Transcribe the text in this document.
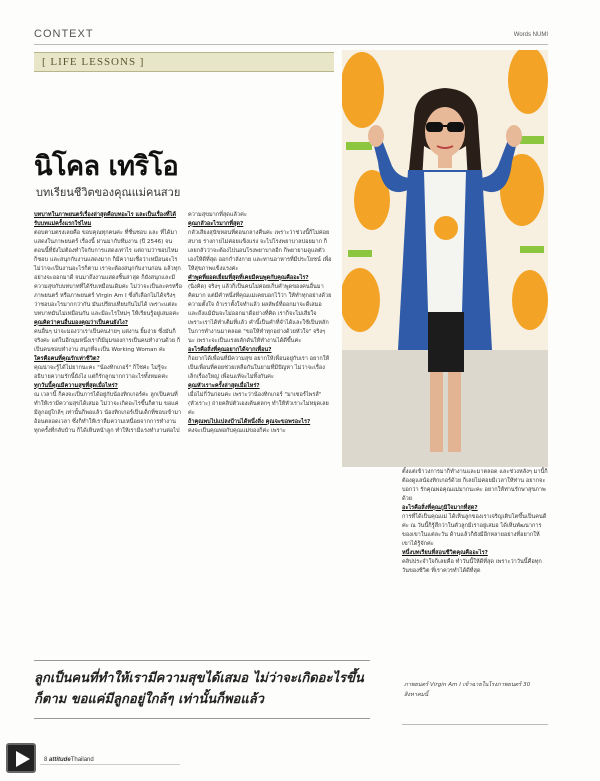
CONTEXT	Words NUMI
[ LIFE LESSONS ]
นิโคล เทริโอ
บทเรียนชีวิตของคุณแม่คนสวย

บทบาทในภาพยนตร์เรื่องล่าสุดคือบทอะไร และเป็นเรื่องที่ได้รับบทแม่ครั้งแรกใช่ไหม

ตอบตามตรงเลยคือ ขอบคุณทุกคนค่ะ ที่ชื่นชอบ และ ที่ได้มาแสดงในภาพยนตร์ เรื่องนี้ ผ่านมากับทีมงาน (ปี 2546) จนตอนนี้ที่ยังไม่ต้องทำใจกับการแสดงเท่าไร แต่ถามว่าชอบไหม ก็ชอบ และสนุกกับงานแสดงมาก ก็มีความเชื่อว่าเหมือนอะไร ไม่ว่าจะเป็นงานอะไรก็ตาม เราจะต้องสนุกกับงานก่อน แล้วทุกอย่างจะออกมาดี จนมาถึงงานแสดงชิ้นล่าสุด ก็ยังสนุกและมีความสุขกับบทบาทที่ได้รับเหมือนเดิมค่ะ ไม่ว่าจะเป็นละครหรือภาพยนตร์ หรือภาพยนตร์ Virgin Am I ซึ่งก็เลือกไม่ได้จริงๆ ว่าชอบอะไรมากกว่ากัน มันเปรียบเทียบกันไม่ได้ เพราะแต่ละบทบาทมันไม่เหมือนกัน และมีอะไรใหม่ๆ ให้เรียนรู้อยู่เสมอค่ะ

คุณคิดว่าคนอื่นมองคุณว่าเป็นคนยังไง?

คนอื่นๆ น่าจะมองว่าเราเป็นคนง่ายๆ แต่งาน ยิ้มง่าย ซึ่งมันก็จริงค่ะ แต่ในอีกมุมหนึ่งเราก็มีมุมของการเป็นคนทำงานด้วย ก็เป็นคนชอบทำงาน สนุกที่จะเป็น Working Woman ค่ะ

ใครคือคนที่คุณรักเท่าชีวิต?

คุณน่าจะรู้ได้ไม่ยากนะคะ "น้องทิกเกอร์" ก็ใช่ค่ะ ไม่รู้จะอธิบายความรักนี้ยังไง แต่ก็รักลูกมากกว่าอะไรทั้งหมดค่ะ

ทุกวันนี้คุณมีความสุขที่สุดเมื่อไหร่?

ณ เวลานี้ ก็คงจะเป็นการได้อยู่กับน้องทิกเกอร์ค่ะ ลูกเป็นคนที่ทำให้เรามีความสุขได้เสมอ ไม่ว่าจะเกิดอะไรขึ้นก็ตาม ขอแค่มีลูกอยู่ใกล้ๆ เท่านั้นก็พอแล้ว น้องทิกเกอร์เป็นเด็กที่ชอบเข้ามาอ้อนตลอดเวลา ซึ่งก็ทำให้เราลืมความเหนื่อยจากการทำงาน ทุกครั้งที่กลับบ้าน ก็ได้เห็นหน้าลูก ทำให้เรามีแรงทำงานต่อไป

ความสุขมากที่สุดแล้วค่ะ

คุณกลัวอะไรมากที่สุด?

กลัวเสียงสุนัขหอนที่ตอนกลางคืนค่ะ เพราะว่าช่วงนี้ก็ไม่ค่อยสบาย ร่างกายไม่ค่อยแข็งแรง จะไปโรงพยาบาลบ่อยมาก ก็เลยกลัวว่าจะต้องไปนอนโรงพยาบาลอีก ก็พยายามดูแลตัวเองให้ดีที่สุด ออกกำลังกาย และทานอาหารที่มีประโยชน์ เพื่อให้สุขภาพแข็งแรงค่ะ

คำพูดที่ยอดเยี่ยมที่สุดที่เคยมีคนพูดกับคุณคืออะไร?

(นิ่งคิด) จริงๆ แล้วก็เป็นคนไม่ค่อยเก็บคำพูดของคนอื่นมาคิดมาก แต่มีคำหนึ่งที่คุณแม่เคยบอกไว้ว่า ให้ทำทุกอย่างด้วยความตั้งใจ ถ้าเราตั้งใจทำแล้ว ผลลัพธ์ที่ออกมาจะดีเสมอ และถึงแม้มันจะไม่ออกมาดีอย่างที่คิด เราก็จะไม่เสียใจ เพราะเราได้ทำเต็มที่แล้ว คำนี้เป็นคำที่จำได้และใช้เป็นหลักในการทำงานมาตลอด "ขอให้ทำทุกอย่างด้วยหัวใจ" จริงๆ นะ เพราะจะเป็นแรงผลักดันให้ทำงานได้ดีขึ้นค่ะ

อะไรคือสิ่งที่คุณอยากได้จากเพื่อน?

ก็อยากได้เพื่อนที่มีความสุข อยากให้เพื่อนอยู่กับเรา อยากให้เป็นเพื่อนที่คอยช่วยเหลือกันในยามที่มีปัญหา ไม่ว่าจะเรื่องเล็กเรื่องใหญ่ เพื่อนแท้จะไม่ทิ้งกันค่ะ

คุณหัวเราะครั้งล่าสุดเมื่อไหร่?

เมื่อไม่กี่วันก่อนค่ะ เพราะว่าน้องทิกเกอร์ "มาเซอร์ไพรส์" (หัวเราะ) ถ่ายคลิปตัวเองเต้นตลกๆ ทำให้หัวเราะไม่หยุดเลยค่ะ

ถ้าคุณพบไปแปลงบ้านได้หนึ่งสิ่ง คุณจะขอพรอะไร?

คงจะเป็นคุณพ่อกับคุณแม่ของก็ค่ะ เพราะ

ตั้งแต่เข้าวงการมาก็ทำงานและมาตลอด และช่วงหลังๆ มานี้ก็ต้องดูแลน้องทิกเกอร์ด้วย ก็เลยไม่ค่อยมีเวลาให้ท่าน อยากจะบอกว่า รักคุณพ่อคุณแม่มากนะคะ อยากให้ท่านรักษาสุขภาพด้วย

อะไรคือสิ่งที่คุณภูมิใจมากที่สุด?

การที่ได้เป็นคุณแม่ ได้เห็นลูกของเราเจริญเติบโตขึ้นเป็นคนดีค่ะ ณ วันนี้ก็รู้สึกว่าในตัวลูกมีเราอยู่เสมอ ได้เห็นพัฒนาการของเขาในแต่ละวัน ด้านแล้วก็ยังมีอีกหลายอย่างที่อยากให้เขาได้รู้จักค่ะ

หนึ่งบทเรียนที่สอนชีวิตคุณคืออะไร?

คลิปประจำใจก็เลยคือ ทำวันนี้ให้ดีที่สุด เพราะว่าวันนี้คือทุกวันของชีวิต ที่เราควรทำได้ดีที่สุด

ลูกเป็นคนที่ทำให้เรามีความสุขได้เสมอ ไม่ว่าจะเกิดอะไรขึ้นก็ตาม ขอแค่มีลูกอยู่ใกล้ๆ เท่านั้นก็พอแล้ว
ภาพยนตร์ Virgin Am I เข้าฉายในโรงภาพยนตร์ 30 สิงหาคมนี้
8 attitudeThailand
